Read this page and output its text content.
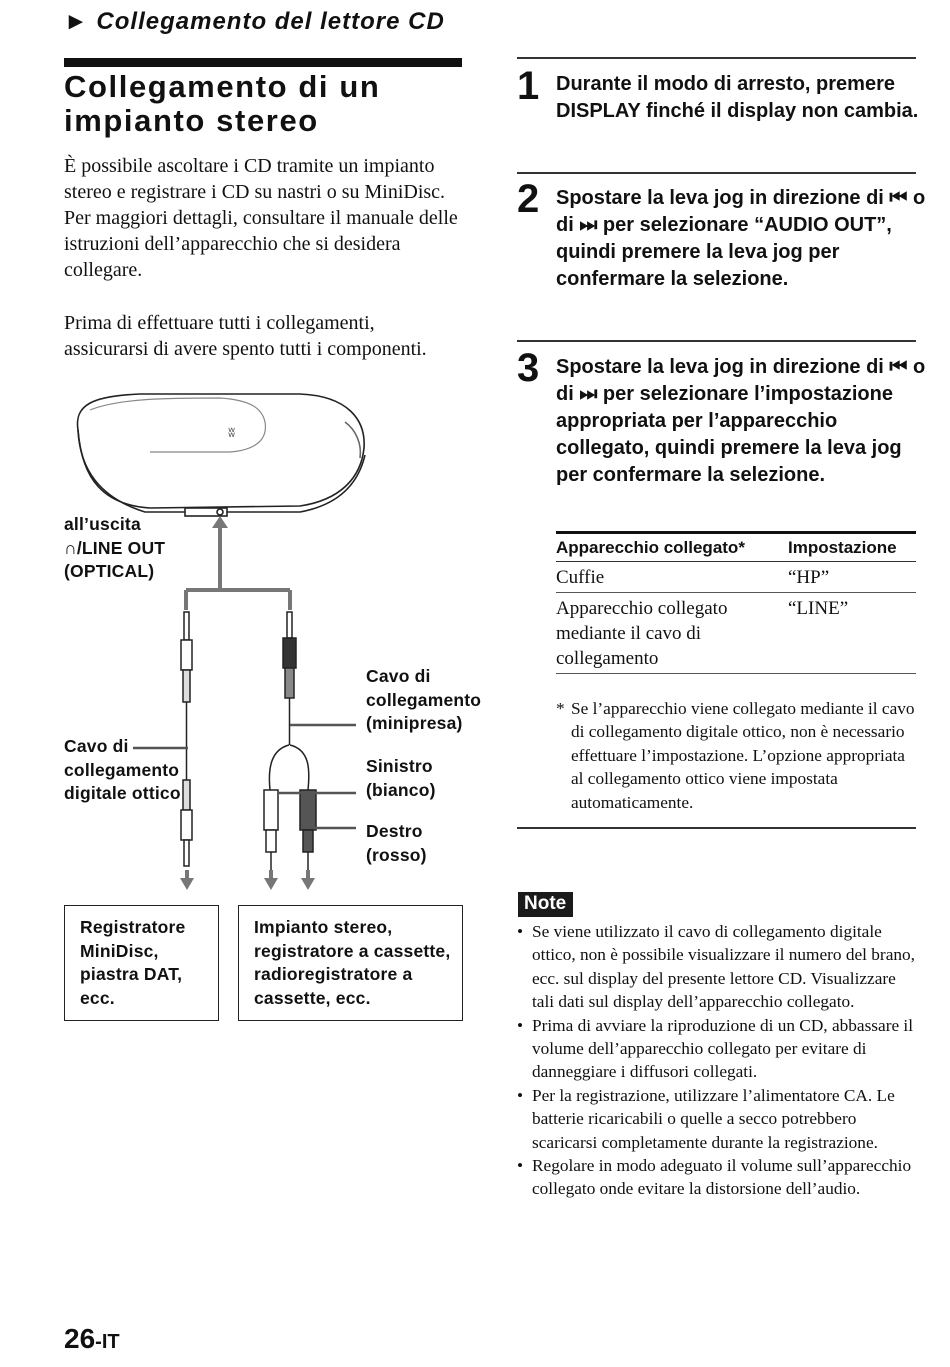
► Collegamento del lettore CD
Collegamento di un
impianto stereo
È possibile ascoltare i CD tramite un impianto stereo e registrare i CD su nastri o su MiniDisc. Per maggiori dettagli, consultare il manuale delle istruzioni dell’apparecchio che si desidera collegare.
Prima di effettuare tutti i collegamenti, assicurarsi di avere spento tutti i componenti.
ʬ
all’uscita
∩/LINE OUT
(OPTICAL)
Cavo di
collegamento
digitale ottico
Cavo di
collegamento
(minipresa)
Sinistro
(bianco)
Destro
(rosso)
Registratore
MiniDisc,
piastra DAT,
ecc.
Impianto stereo,
registratore a cassette,
radioregistratore a
cassette, ecc.
1 Durante il modo di arresto, premere DISPLAY finché il display non cambia.
2 Spostare la leva jog in direzione di ⏮ o di ⏭ per selezionare “AUDIO OUT”, quindi premere la leva jog per confermare la selezione.
3 Spostare la leva jog in direzione di ⏮ o di ⏭ per selezionare l’impostazione appropriata per l’apparecchio collegato, quindi premere la leva jog per confermare la selezione.
Apparecchio collegato*	Impostazione
Cuffie	“HP”
Apparecchio collegato mediante il cavo di collegamento	“LINE”
* Se l’apparecchio viene collegato mediante il cavo di collegamento digitale ottico, non è necessario effettuare l’impostazione. L’opzione appropriata al collegamento ottico viene impostata automaticamente.
Note
• Se viene utilizzato il cavo di collegamento digitale ottico, non è possibile visualizzare il numero del brano, ecc. sul display del presente lettore CD. Visualizzare tali dati sul display dell’apparecchio collegato.
• Prima di avviare la riproduzione di un CD, abbassare il volume dell’apparecchio collegato per evitare di danneggiare i diffusori collegati.
• Per la registrazione, utilizzare l’alimentatore CA. Le batterie ricaricabili o quelle a secco potrebbero scaricarsi completamente durante la registrazione.
• Regolare in modo adeguato il volume sull’apparecchio collegato onde evitare la distorsione dell’audio.
26-IT
